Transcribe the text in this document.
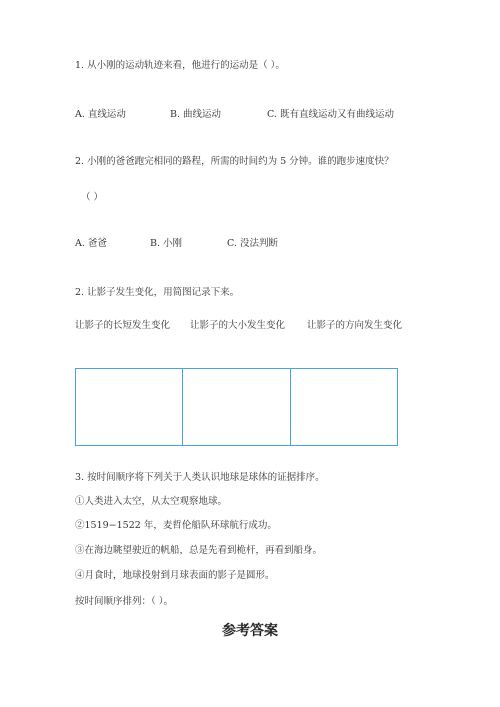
1. 从小刚的运动轨迹来看，他进行的运动是（ ）。
A. 直线运动	B. 曲线运动	C. 既有直线运动又有曲线运动
2. 小刚的爸爸跑完相同的路程，所需的时间约为 5 分钟。谁的跑步速度快？
（ ）
A. 爸爸	B. 小刚	C. 没法判断
2. 让影子发生变化，用简图记录下来。
让影子的长短发生变化 让影子的大小发生变化 让影子的方向发生变化
3. 按时间顺序将下列关于人类认识地球是球体的证据排序。
①人类进入太空，从太空观察地球。
②1519−1522 年，麦哲伦船队环球航行成功。
③在海边眺望驶近的帆船，总是先看到桅杆，再看到船身。
④月食时，地球投射到月球表面的影子是圆形。
按时间顺序排列：（ ）。
参考答案
